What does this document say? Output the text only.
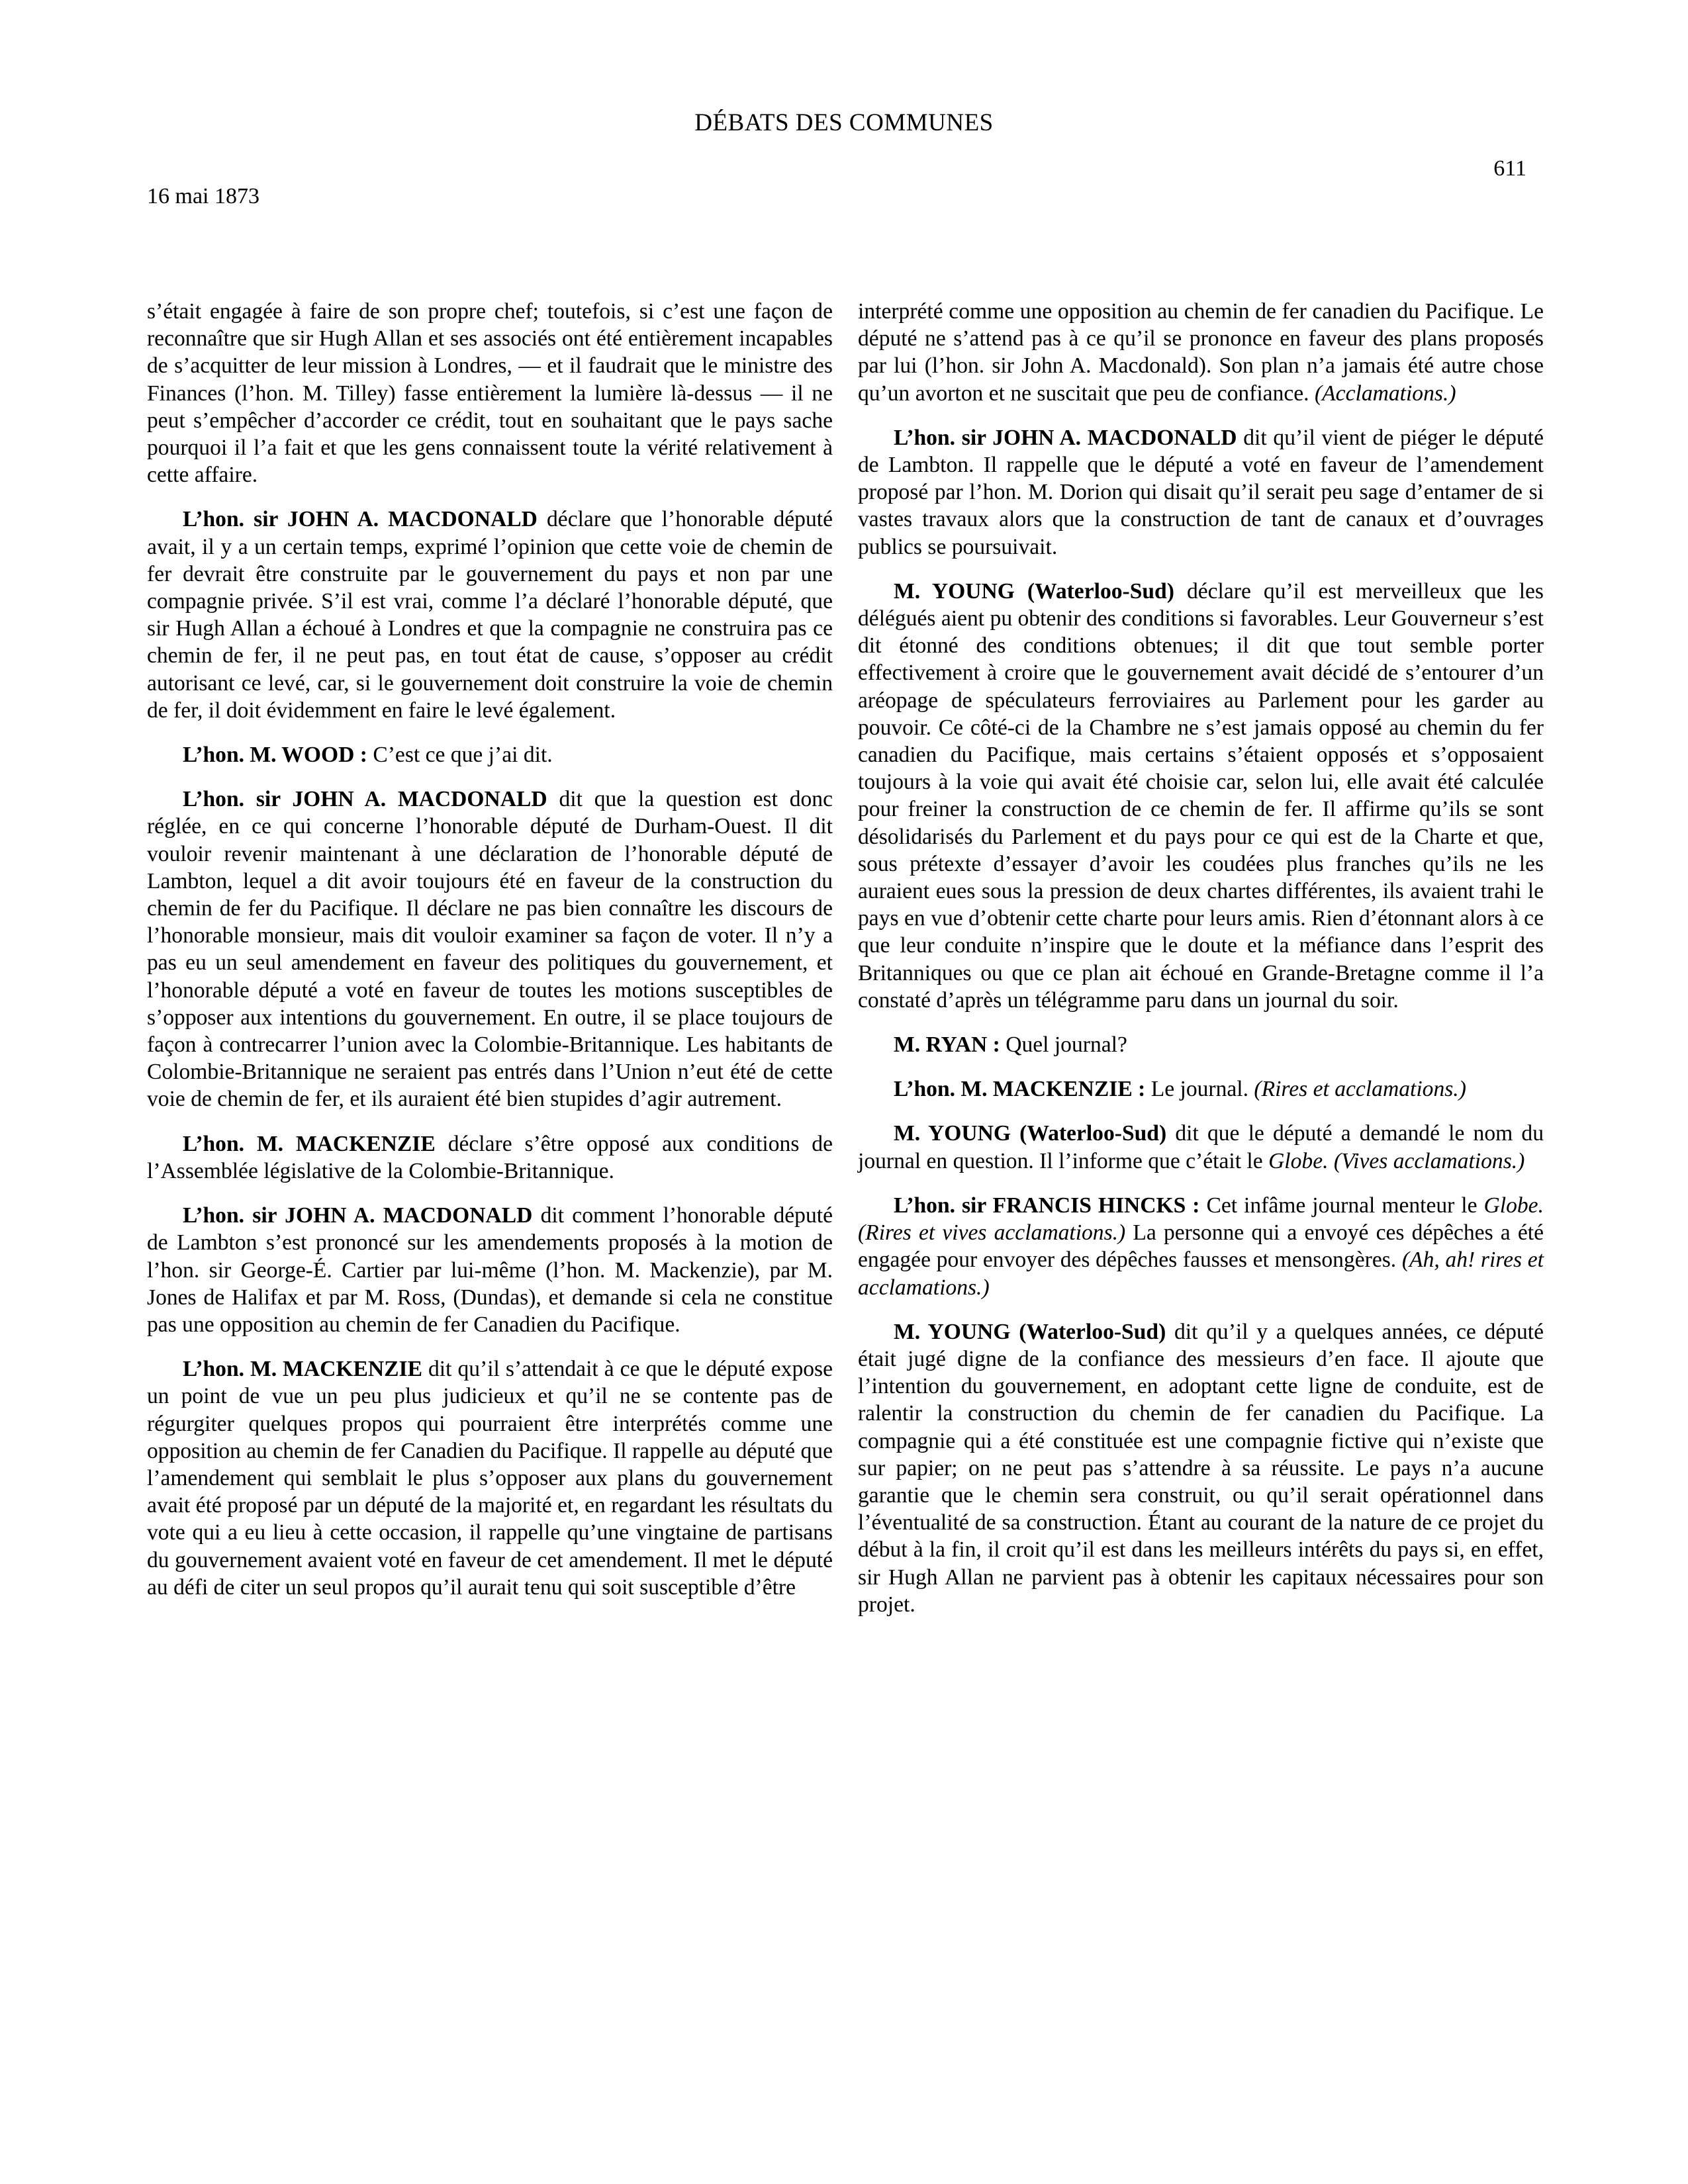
DÉBATS DES COMMUNES
611
16 mai 1873

s’était engagée à faire de son propre chef; toutefois, si c’est une façon de reconnaître que sir Hugh Allan et ses associés ont été entièrement incapables de s’acquitter de leur mission à Londres, — et il faudrait que le ministre des Finances (l’hon. M. Tilley) fasse entièrement la lumière là-dessus — il ne peut s’empêcher d’accorder ce crédit, tout en souhaitant que le pays sache pourquoi il l’a fait et que les gens connaissent toute la vérité relativement à cette affaire.

L’hon. sir JOHN A. MACDONALD déclare que l’honorable député avait, il y a un certain temps, exprimé l’opinion que cette voie de chemin de fer devrait être construite par le gouvernement du pays et non par une compagnie privée. S’il est vrai, comme l’a déclaré l’honorable député, que sir Hugh Allan a échoué à Londres et que la compagnie ne construira pas ce chemin de fer, il ne peut pas, en tout état de cause, s’opposer au crédit autorisant ce levé, car, si le gouvernement doit construire la voie de chemin de fer, il doit évidemment en faire le levé également.

L’hon. M. WOOD : C’est ce que j’ai dit.

L’hon. sir JOHN A. MACDONALD dit que la question est donc réglée, en ce qui concerne l’honorable député de Durham-Ouest. Il dit vouloir revenir maintenant à une déclaration de l’honorable député de Lambton, lequel a dit avoir toujours été en faveur de la construction du chemin de fer du Pacifique. Il déclare ne pas bien connaître les discours de l’honorable monsieur, mais dit vouloir examiner sa façon de voter. Il n’y a pas eu un seul amendement en faveur des politiques du gouvernement, et l’honorable député a voté en faveur de toutes les motions susceptibles de s’opposer aux intentions du gouvernement. En outre, il se place toujours de façon à contrecarrer l’union avec la Colombie-Britannique. Les habitants de Colombie-Britannique ne seraient pas entrés dans l’Union n’eut été de cette voie de chemin de fer, et ils auraient été bien stupides d’agir autrement.

L’hon. M. MACKENZIE déclare s’être opposé aux conditions de l’Assemblée législative de la Colombie-Britannique.

L’hon. sir JOHN A. MACDONALD dit comment l’honorable député de Lambton s’est prononcé sur les amendements proposés à la motion de l’hon. sir George-É. Cartier par lui-même (l’hon. M. Mackenzie), par M. Jones de Halifax et par M. Ross, (Dundas), et demande si cela ne constitue pas une opposition au chemin de fer Canadien du Pacifique.

L’hon. M. MACKENZIE dit qu’il s’attendait à ce que le député expose un point de vue un peu plus judicieux et qu’il ne se contente pas de régurgiter quelques propos qui pourraient être interprétés comme une opposition au chemin de fer Canadien du Pacifique. Il rappelle au député que l’amendement qui semblait le plus s’opposer aux plans du gouvernement avait été proposé par un député de la majorité et, en regardant les résultats du vote qui a eu lieu à cette occasion, il rappelle qu’une vingtaine de partisans du gouvernement avaient voté en faveur de cet amendement. Il met le député au défi de citer un seul propos qu’il aurait tenu qui soit susceptible d’être

interprété comme une opposition au chemin de fer canadien du Pacifique. Le député ne s’attend pas à ce qu’il se prononce en faveur des plans proposés par lui (l’hon. sir John A. Macdonald). Son plan n’a jamais été autre chose qu’un avorton et ne suscitait que peu de confiance. (Acclamations.)

L’hon. sir JOHN A. MACDONALD dit qu’il vient de piéger le député de Lambton. Il rappelle que le député a voté en faveur de l’amendement proposé par l’hon. M. Dorion qui disait qu’il serait peu sage d’entamer de si vastes travaux alors que la construction de tant de canaux et d’ouvrages publics se poursuivait.

M. YOUNG (Waterloo-Sud) déclare qu’il est merveilleux que les délégués aient pu obtenir des conditions si favorables. Leur Gouverneur s’est dit étonné des conditions obtenues; il dit que tout semble porter effectivement à croire que le gouvernement avait décidé de s’entourer d’un aréopage de spéculateurs ferroviaires au Parlement pour les garder au pouvoir. Ce côté-ci de la Chambre ne s’est jamais opposé au chemin du fer canadien du Pacifique, mais certains s’étaient opposés et s’opposaient toujours à la voie qui avait été choisie car, selon lui, elle avait été calculée pour freiner la construction de ce chemin de fer. Il affirme qu’ils se sont désolidarisés du Parlement et du pays pour ce qui est de la Charte et que, sous prétexte d’essayer d’avoir les coudées plus franches qu’ils ne les auraient eues sous la pression de deux chartes différentes, ils avaient trahi le pays en vue d’obtenir cette charte pour leurs amis. Rien d’étonnant alors à ce que leur conduite n’inspire que le doute et la méfiance dans l’esprit des Britanniques ou que ce plan ait échoué en Grande-Bretagne comme il l’a constaté d’après un télégramme paru dans un journal du soir.

M. RYAN : Quel journal?

L’hon. M. MACKENZIE : Le journal. (Rires et acclamations.)

M. YOUNG (Waterloo-Sud) dit que le député a demandé le nom du journal en question. Il l’informe que c’était le Globe. (Vives acclamations.)

L’hon. sir FRANCIS HINCKS : Cet infâme journal menteur le Globe. (Rires et vives acclamations.) La personne qui a envoyé ces dépêches a été engagée pour envoyer des dépêches fausses et mensongères. (Ah, ah! rires et acclamations.)

M. YOUNG (Waterloo-Sud) dit qu’il y a quelques années, ce député était jugé digne de la confiance des messieurs d’en face. Il ajoute que l’intention du gouvernement, en adoptant cette ligne de conduite, est de ralentir la construction du chemin de fer canadien du Pacifique. La compagnie qui a été constituée est une compagnie fictive qui n’existe que sur papier; on ne peut pas s’attendre à sa réussite. Le pays n’a aucune garantie que le chemin sera construit, ou qu’il serait opérationnel dans l’éventualité de sa construction. Étant au courant de la nature de ce projet du début à la fin, il croit qu’il est dans les meilleurs intérêts du pays si, en effet, sir Hugh Allan ne parvient pas à obtenir les capitaux nécessaires pour son projet.
